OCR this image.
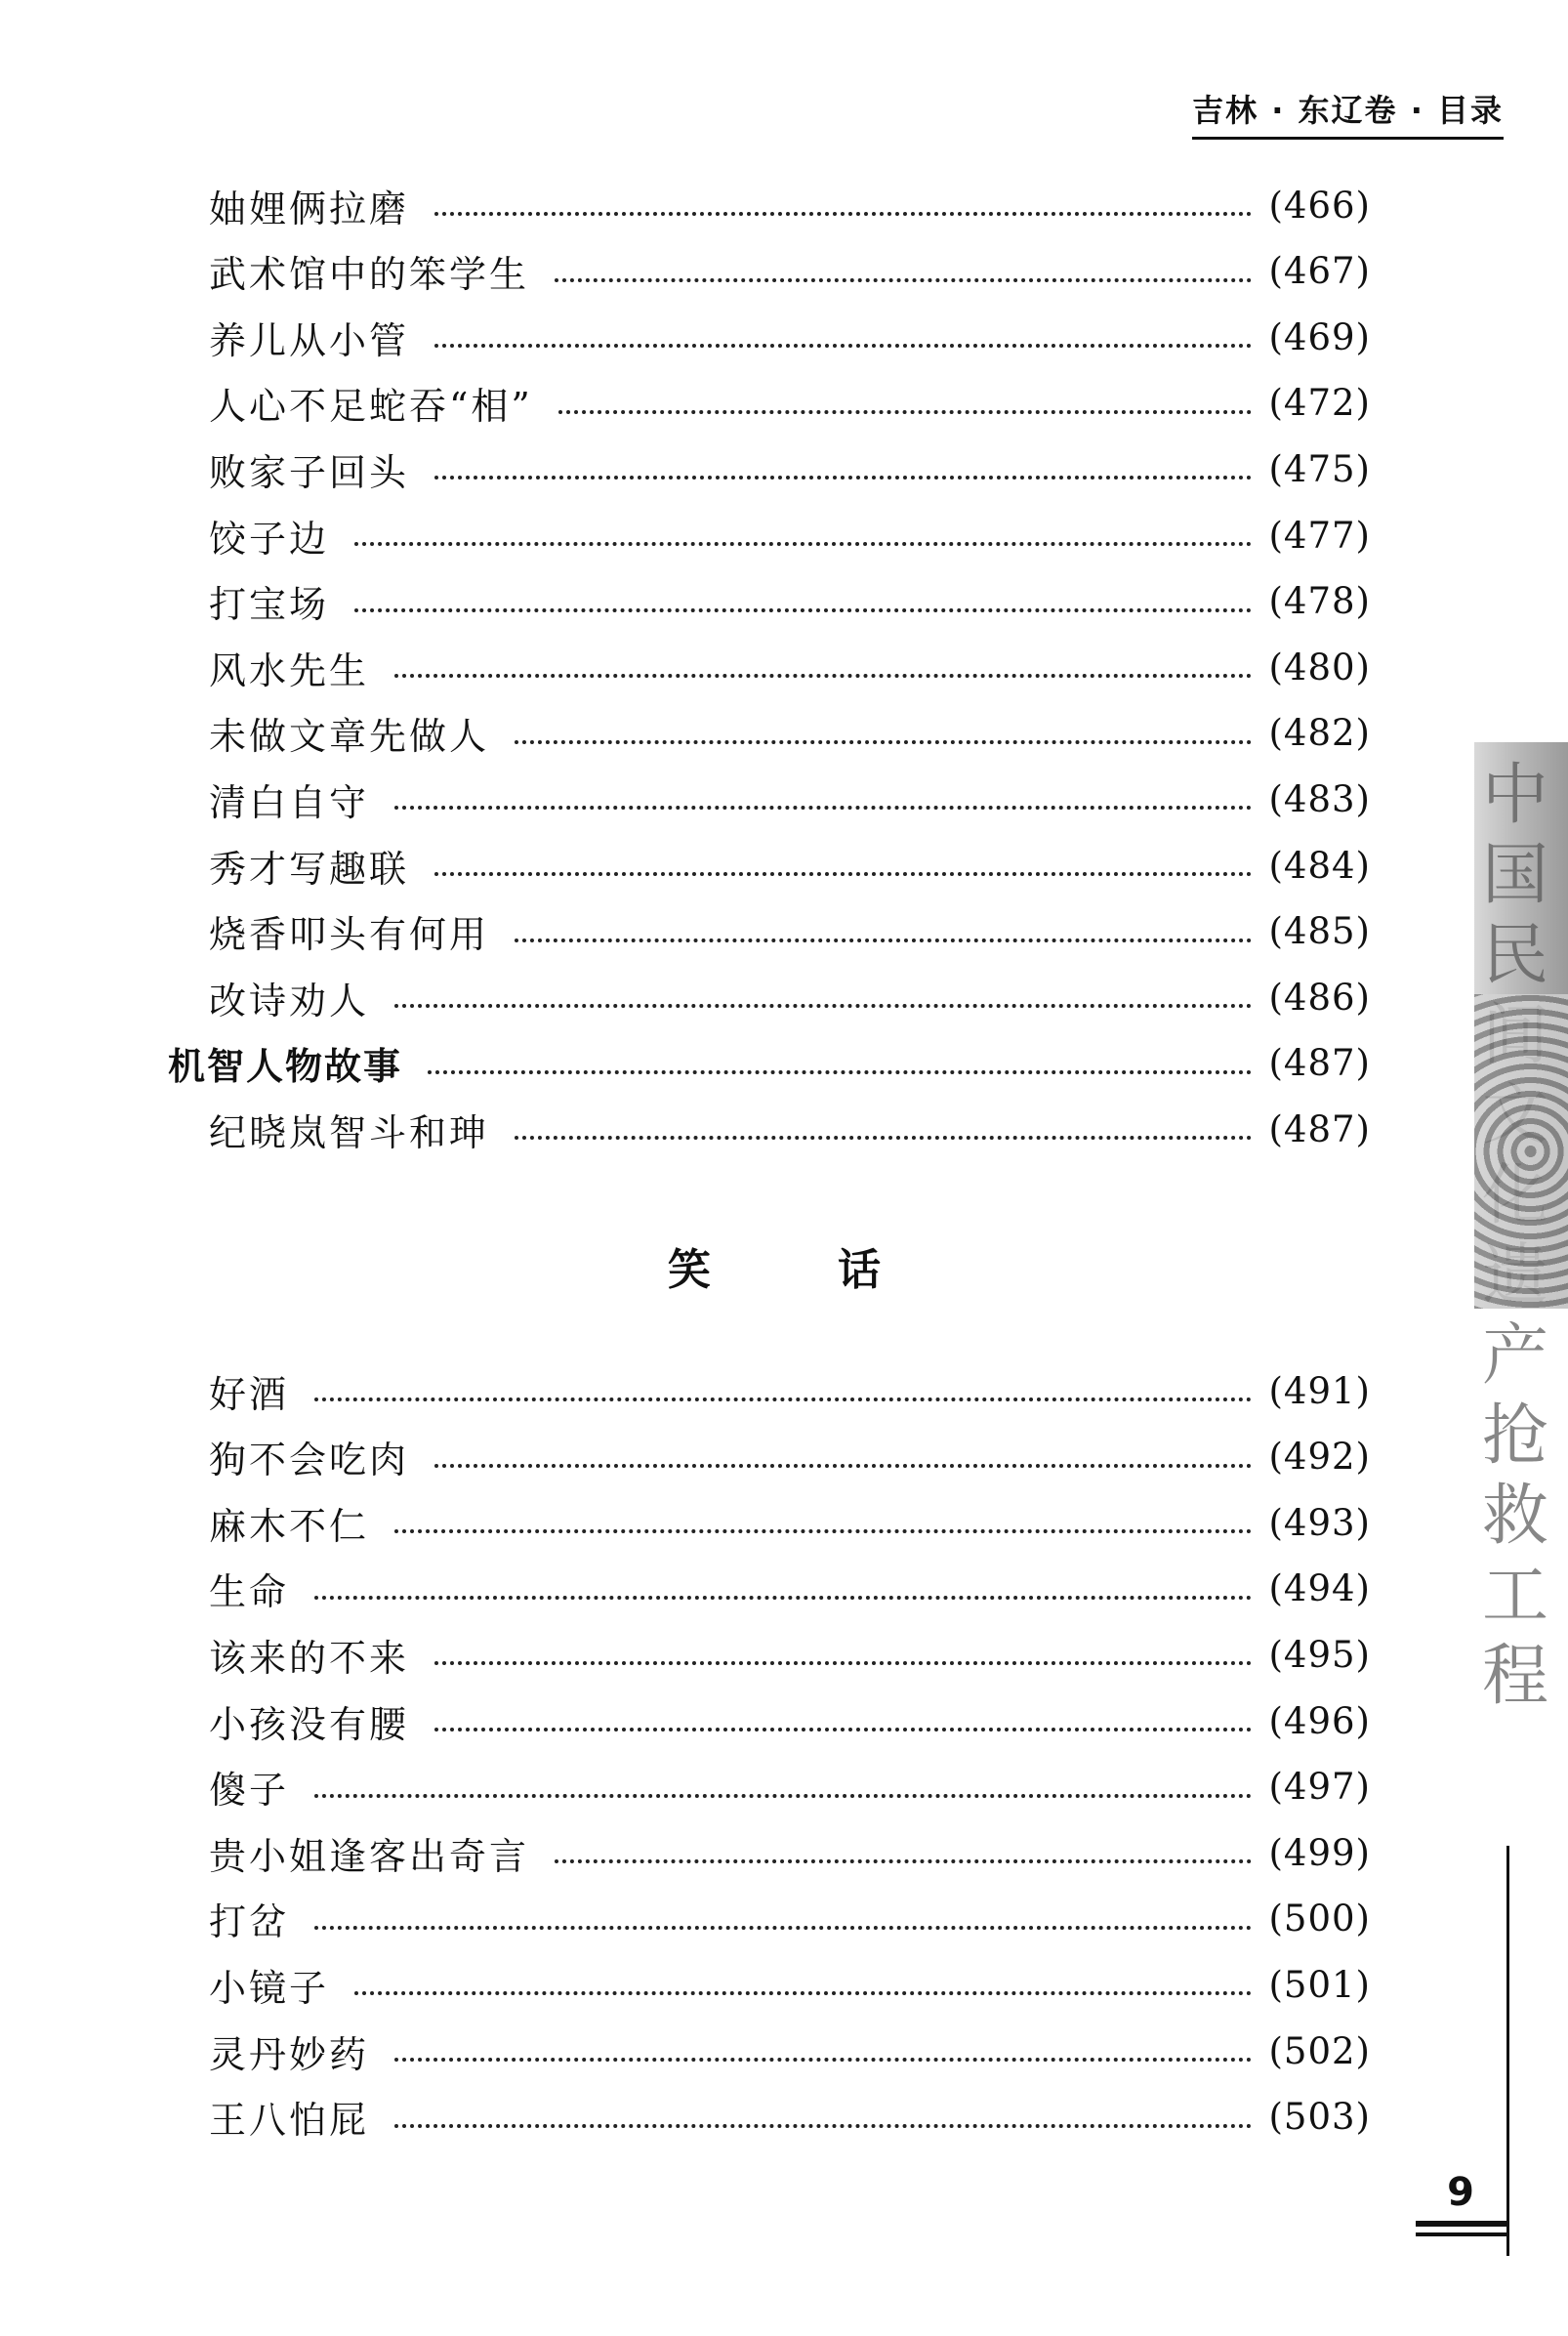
吉林 · 东辽卷 · 目录
妯娌俩拉磨	(466)
武术馆中的笨学生	(467)
养儿从小管	(469)
人心不足蛇吞“相”	(472)
败家子回头	(475)
饺子边	(477)
打宝场	(478)
风水先生	(480)
未做文章先做人	(482)
清白自守	(483)
秀才写趣联	(484)
烧香叩头有何用	(485)
改诗劝人	(486)
机智人物故事	(487)
纪晓岚智斗和珅	(487)
笑话
好酒	(491)
狗不会吃肉	(492)
麻木不仁	(493)
生命	(494)
该来的不来	(495)
小孩没有腰	(496)
傻子	(497)
贵小姐逢客出奇言	(499)
打岔	(500)
小镜子	(501)
灵丹妙药	(502)
王八怕屁	(503)
中国民 产抢救工程
9
